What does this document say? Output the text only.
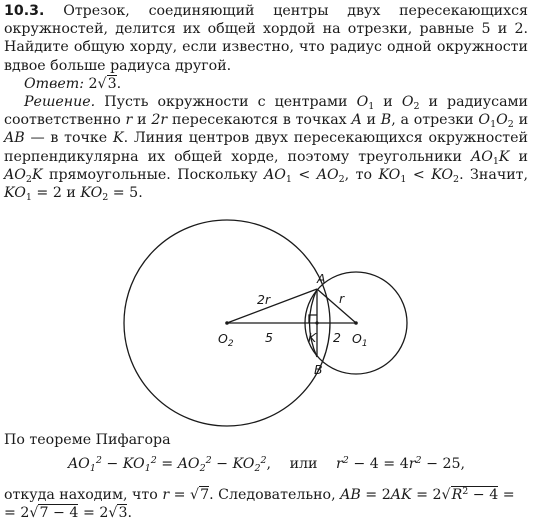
10.3. Отрезок, соединяющий центры двух пересекающихся окружностей, делится их общей хордой на отрезки, равные 5 и 2. Найдите общую хорду, если известно, что радиус одной окружности вдвое больше радиуса другой.

Ответ: 2√3.

Решение. Пусть окружности с центрами $O_1$ и $O_2$ и радиусами соответственно r и 2r пересекаются в точках A и B, а отрезки $O_1O_2$ и AB — в точке K. Линия центров двух пересекающихся окружностей перпендикулярна их общей хорде, поэтому треугольники $AO_1K$ и $AO_2K$ прямоугольные. Поскольку $AO_1 < AO_2$, то $KO_1 < KO_2$. Значит, $KO_1 = 2$ и $KO_2 = 5$.

A
B
K
$O_2$	$O_1$
5	2
2r	r
По теореме Пифагора
$AO_1^2 - KO_1^2 = AO_2^2 - KO_2^2$, или $r^2 - 4 = 4r^2 - 25$,
откуда находим, что r = √7. Следовательно, AB = $2AK = 2√R^2 - 4$ =
= 2√7 − 4 = 2√3.
